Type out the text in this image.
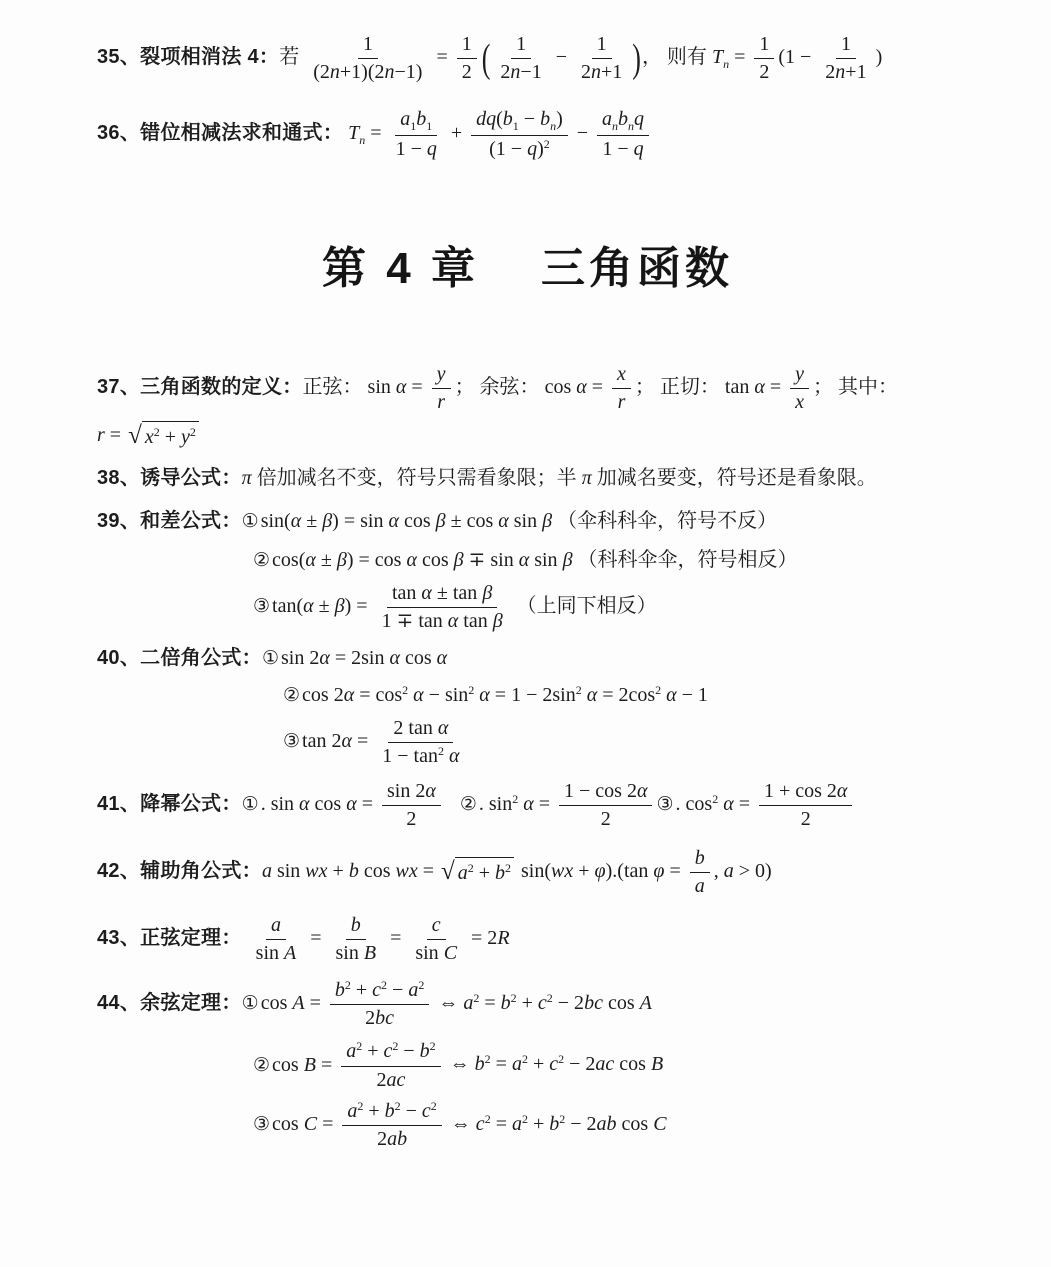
35、裂项相消法 4：若 $\frac{1}{(2n+1)(2n-1)} = \frac{1}{2}$ ( $\frac{1}{2n-1} - \frac{1}{2n+1}$ )， 则有 $T_n = \frac{1}{2} (1 - \frac{1}{2n+1}$ )
36、错位相减法求和通式： $T_n = \frac{a_1b_1}{1 - q} + \frac{dq(b_1 - b_n)}{(1 - q)^2} - \frac{a_nb_nq}{1 - q}$
第 4 章 三角函数
37、三角函数的定义：正弦： $\sin \alpha = \frac{y}{r}$ ； 余弦： $\cos \alpha = \frac{x}{r}$ ； 正切： $\tan \alpha = \frac{y}{x}$ ； 其中：
r = √ $x^2 + y^2$
38、诱导公式：π 倍加减名不变，符号只需看象限；半 π 加减名要变，符号还是看象限。
39、和差公式：① sin(α ± β) = sin α cos β ± cos α sin β （伞科科伞，符号不反）
② cos(α ± β) = cos α cos β ∓ sin α sin β （科科伞伞，符号相反）
③ $\tan(\alpha \pm \beta) = \frac{\text{tan α ± tan β}}{\text{1 ∓ tan α tan β}}$ （上同下相反）
40、二倍角公式：① sin 2α = 2sin α cos α
② $\cos 2\alpha = \cos^2 \alpha - \sin^2 \alpha = 1 - 2\sin^2$ $\alpha = 2\cos^2$ α − 1
③ $\tan 2\alpha = \frac{\text{2 tan α}}{1 - \tan^2 \alpha}$
41、降幂公式：① . sin α $\cos \alpha = \frac{\sin 2\alpha}{2}$ ② . $\sin^2 \alpha = \frac{1 - \cos 2\alpha}{2}$ ③ . $\cos^2 \alpha = \frac{1 + \cos 2\alpha}{2}$
42、辅助角公式：a sin wx + b cos wx = √ $a^2 + b^2$ sin(wx + φ).(tan $\varphi = \frac{b}{a}$ , a > 0)
43、正弦定理： $\frac{a}{\text{sin A}} = \frac{b}{\text{sin B}} = \frac{c}{\text{sin C}} = 2R$
44、余弦定理：① $\cos A = \frac{b^2 + c^2 - a^2}{2bc}$ ⇔ $a^2 = b^2 + c^2 - 2bc$ cos A
② $\cos B = \frac{a^2 + c^2 - b^2}{2ac}$ ⇔ $b^2 = a^2 + c^2 - 2ac$ cos B
③ $\cos C = \frac{a^2 + b^2 - c^2}{2ab}$ ⇔ $c^2 = a^2 + b^2 - 2ab$ cos C
